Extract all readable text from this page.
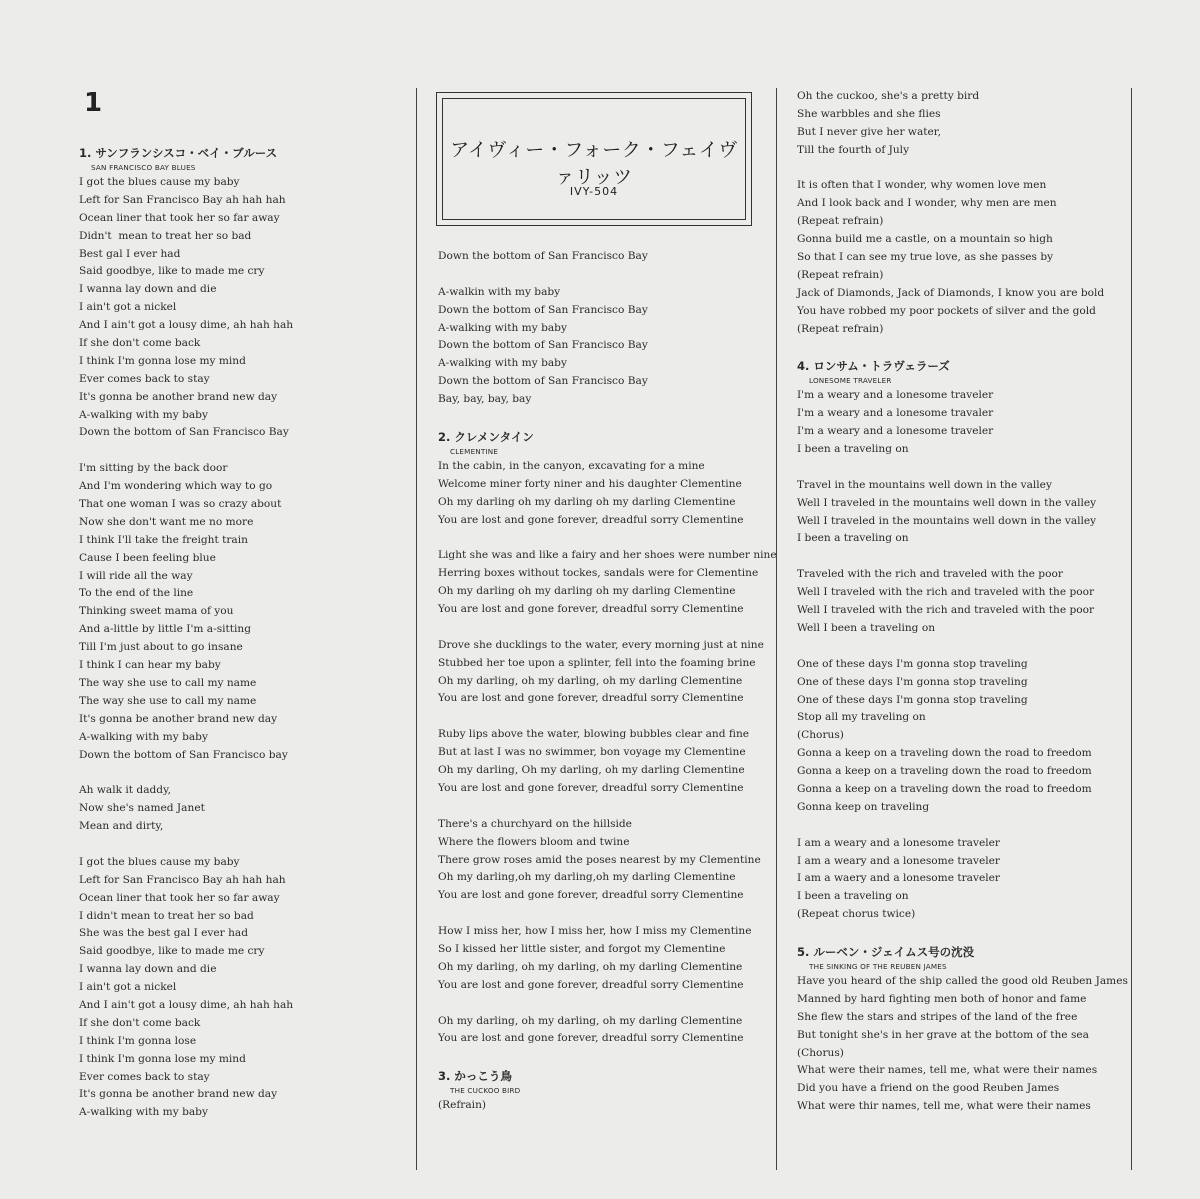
1
アイヴィー・フォーク・フェイヴァリッツ
IVY-504
1. サンフランシスコ・ベイ・ブルース
SAN FRANCISCO BAY BLUES
I got the blues cause my baby
Left for San Francisco Bay ah hah hah
Ocean liner that took her so far away
Didn't  mean to treat her so bad
Best gal I ever had
Said goodbye, like to made me cry
I wanna lay down and die
I ain't got a nickel
And I ain't got a lousy dime, ah hah hah
If she don't come back
I think I'm gonna lose my mind
Ever comes back to stay
It's gonna be another brand new day
A-walking with my baby
Down the bottom of San Francisco Bay
I'm sitting by the back door
And I'm wondering which way to go
That one woman I was so crazy about
Now she don't want me no more
I think I'll take the freight train
Cause I been feeling blue
I will ride all the way
To the end of the line
Thinking sweet mama of you
And a-little by little I'm a-sitting
Till I'm just about to go insane
I think I can hear my baby
The way she use to call my name
The way she use to call my name
It's gonna be another brand new day
A-walking with my baby
Down the bottom of San Francisco bay
Ah walk it daddy,
Now she's named Janet
Mean and dirty,
I got the blues cause my baby
Left for San Francisco Bay ah hah hah
Ocean liner that took her so far away
I didn't mean to treat her so bad
She was the best gal I ever had
Said goodbye, like to made me cry
I wanna lay down and die
I ain't got a nickel
And I ain't got a lousy dime, ah hah hah
If she don't come back
I think I'm gonna lose
I think I'm gonna lose my mind
Ever comes back to stay
It's gonna be another brand new day
A-walking with my baby
Down the bottom of San Francisco Bay
A-walkin with my baby
Down the bottom of San Francisco Bay
A-walking with my baby
Down the bottom of San Francisco Bay
A-walking with my baby
Down the bottom of San Francisco Bay
Bay, bay, bay, bay
2. クレメンタイン
CLEMENTINE
In the cabin, in the canyon, excavating for a mine
Welcome miner forty niner and his daughter Clementine
Oh my darling oh my darling oh my darling Clementine
You are lost and gone forever, dreadful sorry Clementine
Light she was and like a fairy and her shoes were number nine
Herring boxes without tockes, sandals were for Clementine
Oh my darling oh my darling oh my darling Clementine
You are lost and gone forever, dreadful sorry Clementine
Drove she ducklings to the water, every morning just at nine
Stubbed her toe upon a splinter, fell into the foaming brine
Oh my darling, oh my darling, oh my darling Clementine
You are lost and gone forever, dreadful sorry Clementine
Ruby lips above the water, blowing bubbles clear and fine
But at last I was no swimmer, bon voyage my Clementine
Oh my darling, Oh my darling, oh my darling Clementine
You are lost and gone forever, dreadful sorry Clementine
There's a churchyard on the hillside
Where the flowers bloom and twine
There grow roses amid the poses nearest by my Clementine
Oh my darling,oh my darling,oh my darling Clementine
You are lost and gone forever, dreadful sorry Clementine
How I miss her, how I miss her, how I miss my Clementine
So I kissed her little sister, and forgot my Clementine
Oh my darling, oh my darling, oh my darling Clementine
You are lost and gone forever, dreadful sorry Clementine
Oh my darling, oh my darling, oh my darling Clementine
You are lost and gone forever, dreadful sorry Clementine
3. かっこう鳥
THE CUCKOO BIRD
(Refrain)
Oh the cuckoo, she's a pretty bird
She warbbles and she flies
But I never give her water,
Till the fourth of July
It is often that I wonder, why women love men
And I look back and I wonder, why men are men
(Repeat refrain)
Gonna build me a castle, on a mountain so high
So that I can see my true love, as she passes by
(Repeat refrain)
Jack of Diamonds, Jack of Diamonds, I know you are bold
You have robbed my poor pockets of silver and the gold
(Repeat refrain)
4. ロンサム・トラヴェラーズ
LONESOME TRAVELER
I'm a weary and a lonesome traveler
I'm a weary and a lonesome travaler
I'm a weary and a lonesome traveler
I been a traveling on
Travel in the mountains well down in the valley
Well I traveled in the mountains well down in the valley
Well I traveled in the mountains well down in the valley
I been a traveling on
Traveled with the rich and traveled with the poor
Well I traveled with the rich and traveled with the poor
Well I traveled with the rich and traveled with the poor
Well I been a traveling on
One of these days I'm gonna stop traveling
One of these days I'm gonna stop traveling
One of these days I'm gonna stop traveling
Stop all my traveling on
(Chorus)
Gonna a keep on a traveling down the road to freedom
Gonna a keep on a traveling down the road to freedom
Gonna a keep on a traveling down the road to freedom
Gonna keep on traveling
I am a weary and a lonesome traveler
I am a weary and a lonesome traveler
I am a waery and a lonesome traveler
I been a traveling on
(Repeat chorus twice)
5. ルーベン・ジェイムス号の沈没
THE SINKING OF THE REUBEN JAMES
Have you heard of the ship called the good old Reuben James
Manned by hard fighting men both of honor and fame
She flew the stars and stripes of the land of the free
But tonight she's in her grave at the bottom of the sea
(Chorus)
What were their names, tell me, what were their names
Did you have a friend on the good Reuben James
What were thir names, tell me, what were their names
